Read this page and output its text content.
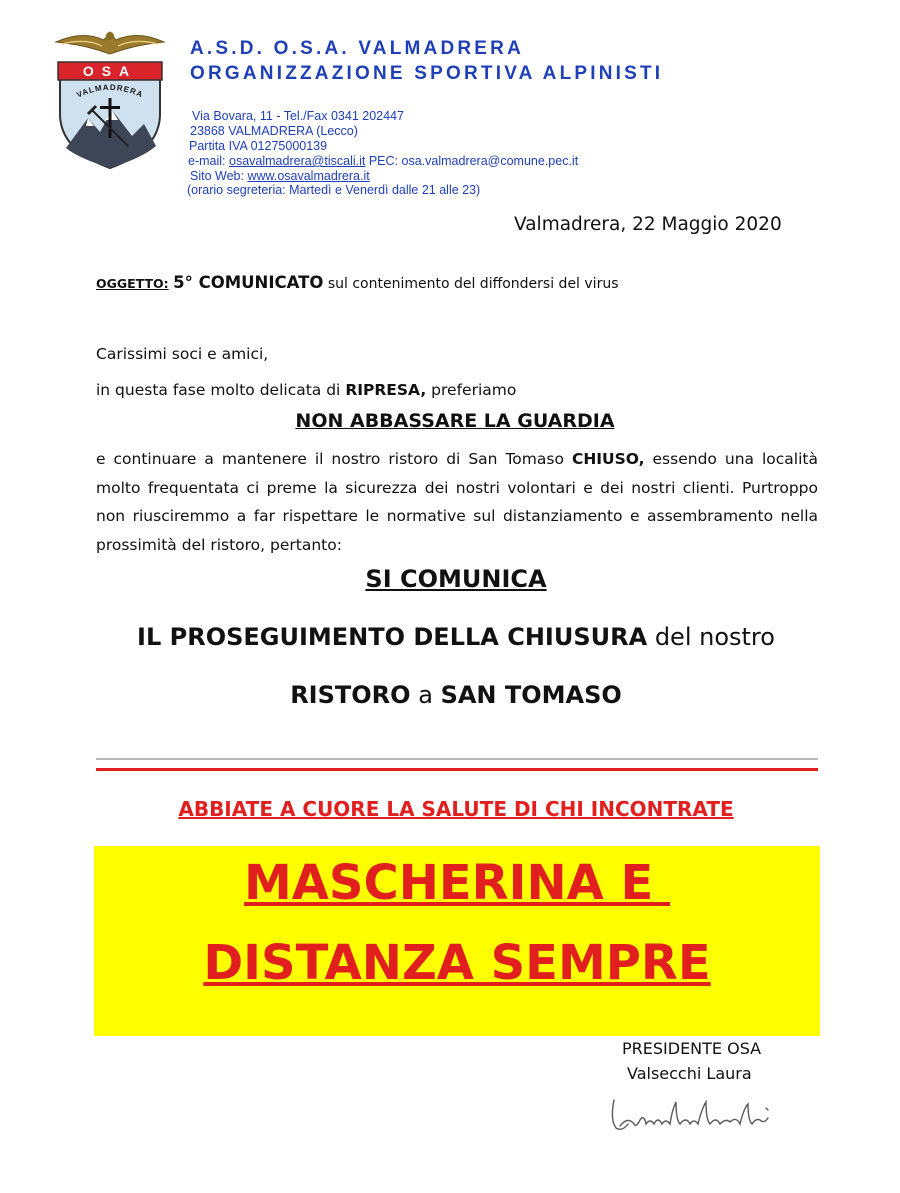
OSA
VALMADRERA
A.S.D. O.S.A. VALMADRERA
ORGANIZZAZIONE SPORTIVA ALPINISTI
Via Bovara, 11 - Tel./Fax 0341 202447
23868 VALMADRERA (Lecco)
Partita IVA 01275000139
e-mail: osavalmadrera@tiscali.it PEC: osa.valmadrera@comune.pec.it
Sito Web: www.osavalmadrera.it
(orario segreteria: Martedì e Venerdì dalle 21 alle 23)
Valmadrera, 22 Maggio 2020
OGGETTO: 5° COMUNICATO sul contenimento del diffondersi del virus
Carissimi soci e amici,
in questa fase molto delicata di RIPRESA, preferiamo
NON ABBASSARE LA GUARDIA
e continuare a mantenere il nostro ristoro di San Tomaso CHIUSO, essendo una località molto frequentata ci preme la sicurezza dei nostri volontari e dei nostri clienti. Purtroppo non riusciremmo a far rispettare le normative sul distanziamento e assembramento nella prossimità del ristoro, pertanto:
SI COMUNICA
IL PROSEGUIMENTO DELLA CHIUSURA del nostro
RISTORO a SAN TOMASO
ABBIATE A CUORE LA SALUTE DI CHI INCONTRATE
MASCHERINA E
DISTANZA SEMPRE
PRESIDENTE OSA
Valsecchi Laura
